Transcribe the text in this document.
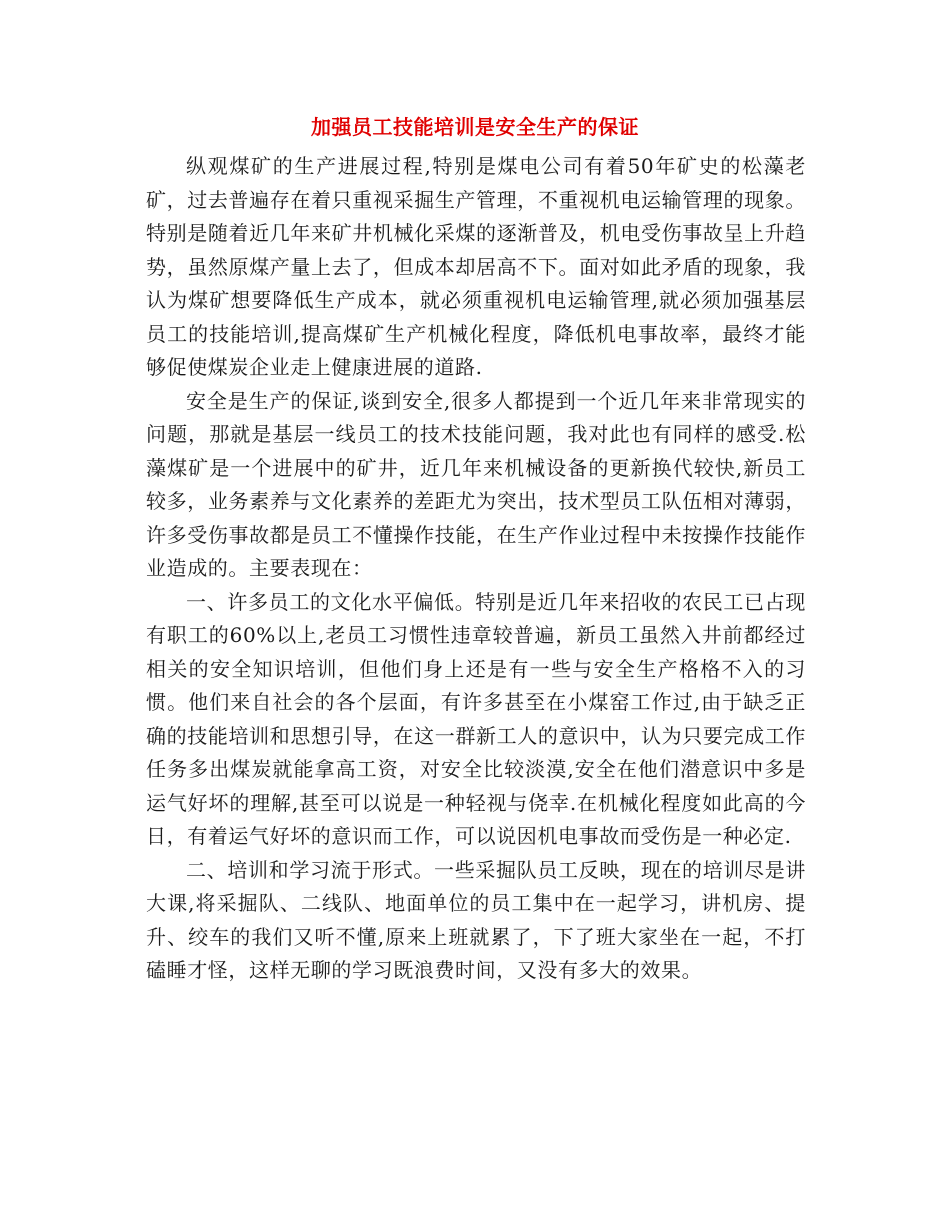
加强员工技能培训是安全生产的保证

纵观煤矿的生产进展过程,特别是煤电公司有着50年矿史的松藻老矿，过去普遍存在着只重视采掘生产管理，不重视机电运输管理的现象。特别是随着近几年来矿井机械化采煤的逐渐普及，机电受伤事故呈上升趋势，虽然原煤产量上去了，但成本却居高不下。面对如此矛盾的现象，我认为煤矿想要降低生产成本，就必须重视机电运输管理,就必须加强基层员工的技能培训,提高煤矿生产机械化程度，降低机电事故率，最终才能够促使煤炭企业走上健康进展的道路.

安全是生产的保证,谈到安全,很多人都提到一个近几年来非常现实的问题，那就是基层一线员工的技术技能问题，我对此也有同样的感受.松藻煤矿是一个进展中的矿井，近几年来机械设备的更新换代较快,新员工较多，业务素养与文化素养的差距尤为突出，技术型员工队伍相对薄弱，许多受伤事故都是员工不懂操作技能，在生产作业过程中未按操作技能作业造成的。主要表现在：

一、许多员工的文化水平偏低。特别是近几年来招收的农民工已占现有职工的60%以上,老员工习惯性违章较普遍，新员工虽然入井前都经过相关的安全知识培训，但他们身上还是有一些与安全生产格格不入的习惯。他们来自社会的各个层面，有许多甚至在小煤窑工作过,由于缺乏正确的技能培训和思想引导，在这一群新工人的意识中，认为只要完成工作任务多出煤炭就能拿高工资，对安全比较淡漠,安全在他们潜意识中多是运气好坏的理解,甚至可以说是一种轻视与侥幸.在机械化程度如此高的今日，有着运气好坏的意识而工作，可以说因机电事故而受伤是一种必定.

二、培训和学习流于形式。一些采掘队员工反映，现在的培训尽是讲大课,将采掘队、二线队、地面单位的员工集中在一起学习，讲机房、提升、绞车的我们又听不懂,原来上班就累了，下了班大家坐在一起，不打磕睡才怪，这样无聊的学习既浪费时间，又没有多大的效果。
